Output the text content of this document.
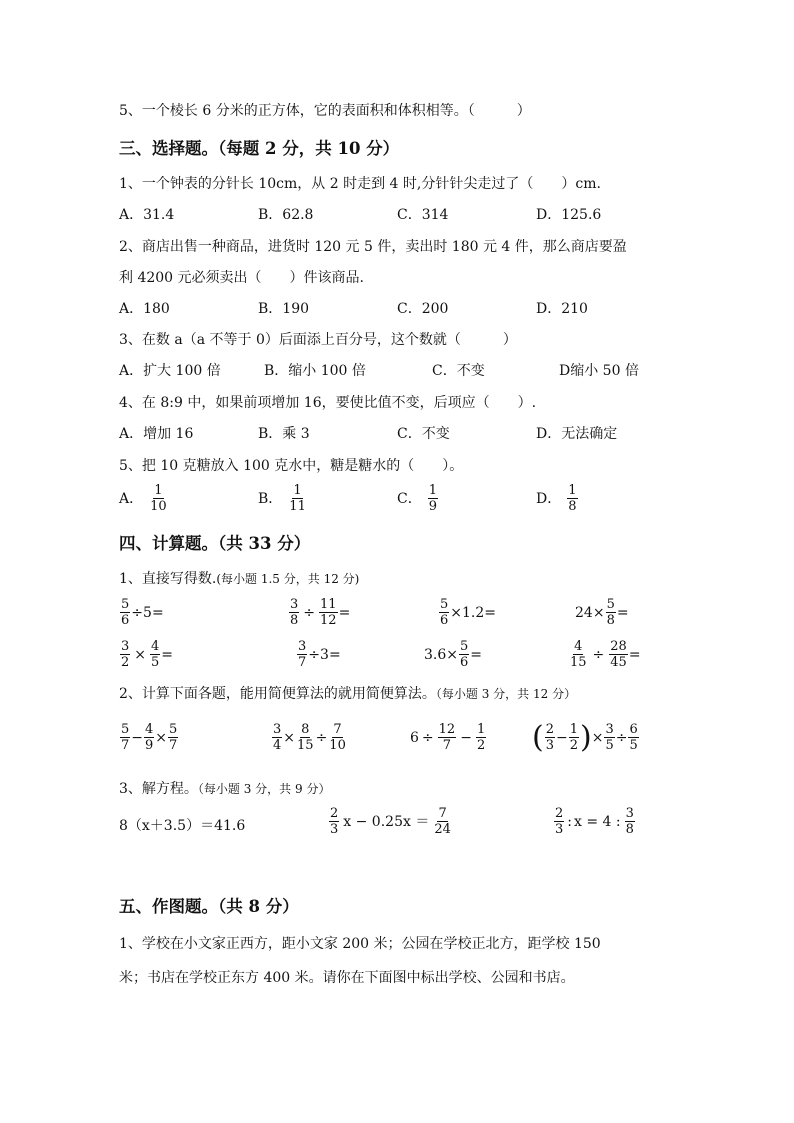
5、一个棱长 6 分米的正方体，它的表面积和体积相等。（　　　）
三、选择题。（每题 2 分，共 10 分）
1、一个钟表的分针长 10cm，从 2 时走到 4 时,分针针尖走过了（　　）cm.
A．31.4	B．62.8	C．314	D．125.6
2、商店出售一种商品，进货时 120 元 5 件，卖出时 180 元 4 件，那么商店要盈
利 4200 元必须卖出（　　）件该商品.
A．180	B．190	C．200	D．210
3、在数 a（a 不等于 0）后面添上百分号，这个数就（　　　）
A．扩大 100 倍	B．缩小 100 倍	C．不变	D缩小 50 倍
4、在 8:9 中，如果前项增加 16，要使比值不变，后项应（　　）.
A．增加 16	B．乘 3	C．不变	D．无法确定
5、把 10 克糖放入 100 克水中，糖是糖水的（　　）。
A． $\frac{1}{10}$	B． $\frac{1}{11}$	C． $\frac{1}{9}$	D． $\frac{1}{8}$
四、计算题。（共 33 分）
1、直接写得数.(每小题 1.5 分，共 12 分)
$\frac{5}{6} \div 5$ =	$\frac{3}{8} \div \frac{11}{12}$ =	$\frac{5}{6} \times 1.2$ =	$24 \times \frac{5}{8}$ =
$\frac{3}{2} \times \frac{4}{5}$ =	$\frac{3}{7} \div 3$ =	$3.6 \times \frac{5}{6}$ =	$\frac{4}{15} \div \frac{28}{45}$ =
2、计算下面各题，能用简便算法的就用简便算法。（每小题 3 分，共 12 分）
$\frac{5}{7} - \frac{4}{9} \times \frac{5}{7}$	$\frac{3}{4} \times \frac{8}{15} \div \frac{7}{10}$	$6 \div \frac{12}{7} - \frac{1}{2}$ ( $\frac{2}{3} - \frac{1}{2}$ ) × $\frac{3}{5} \div \frac{6}{5}$
3、解方程。（每小题 3 分，共 9 分）
8（x＋3.5）＝41.6	$\frac{2}{3}$ $x - 0.25x = \frac{7}{24}$	$\frac{2}{3}$ : x = 4 : $\frac{3}{8}$
五、作图题。（共 8 分）
1、学校在小文家正西方，距小文家 200 米；公园在学校正北方，距学校 150
米；书店在学校正东方 400 米。请你在下面图中标出学校、公园和书店。
